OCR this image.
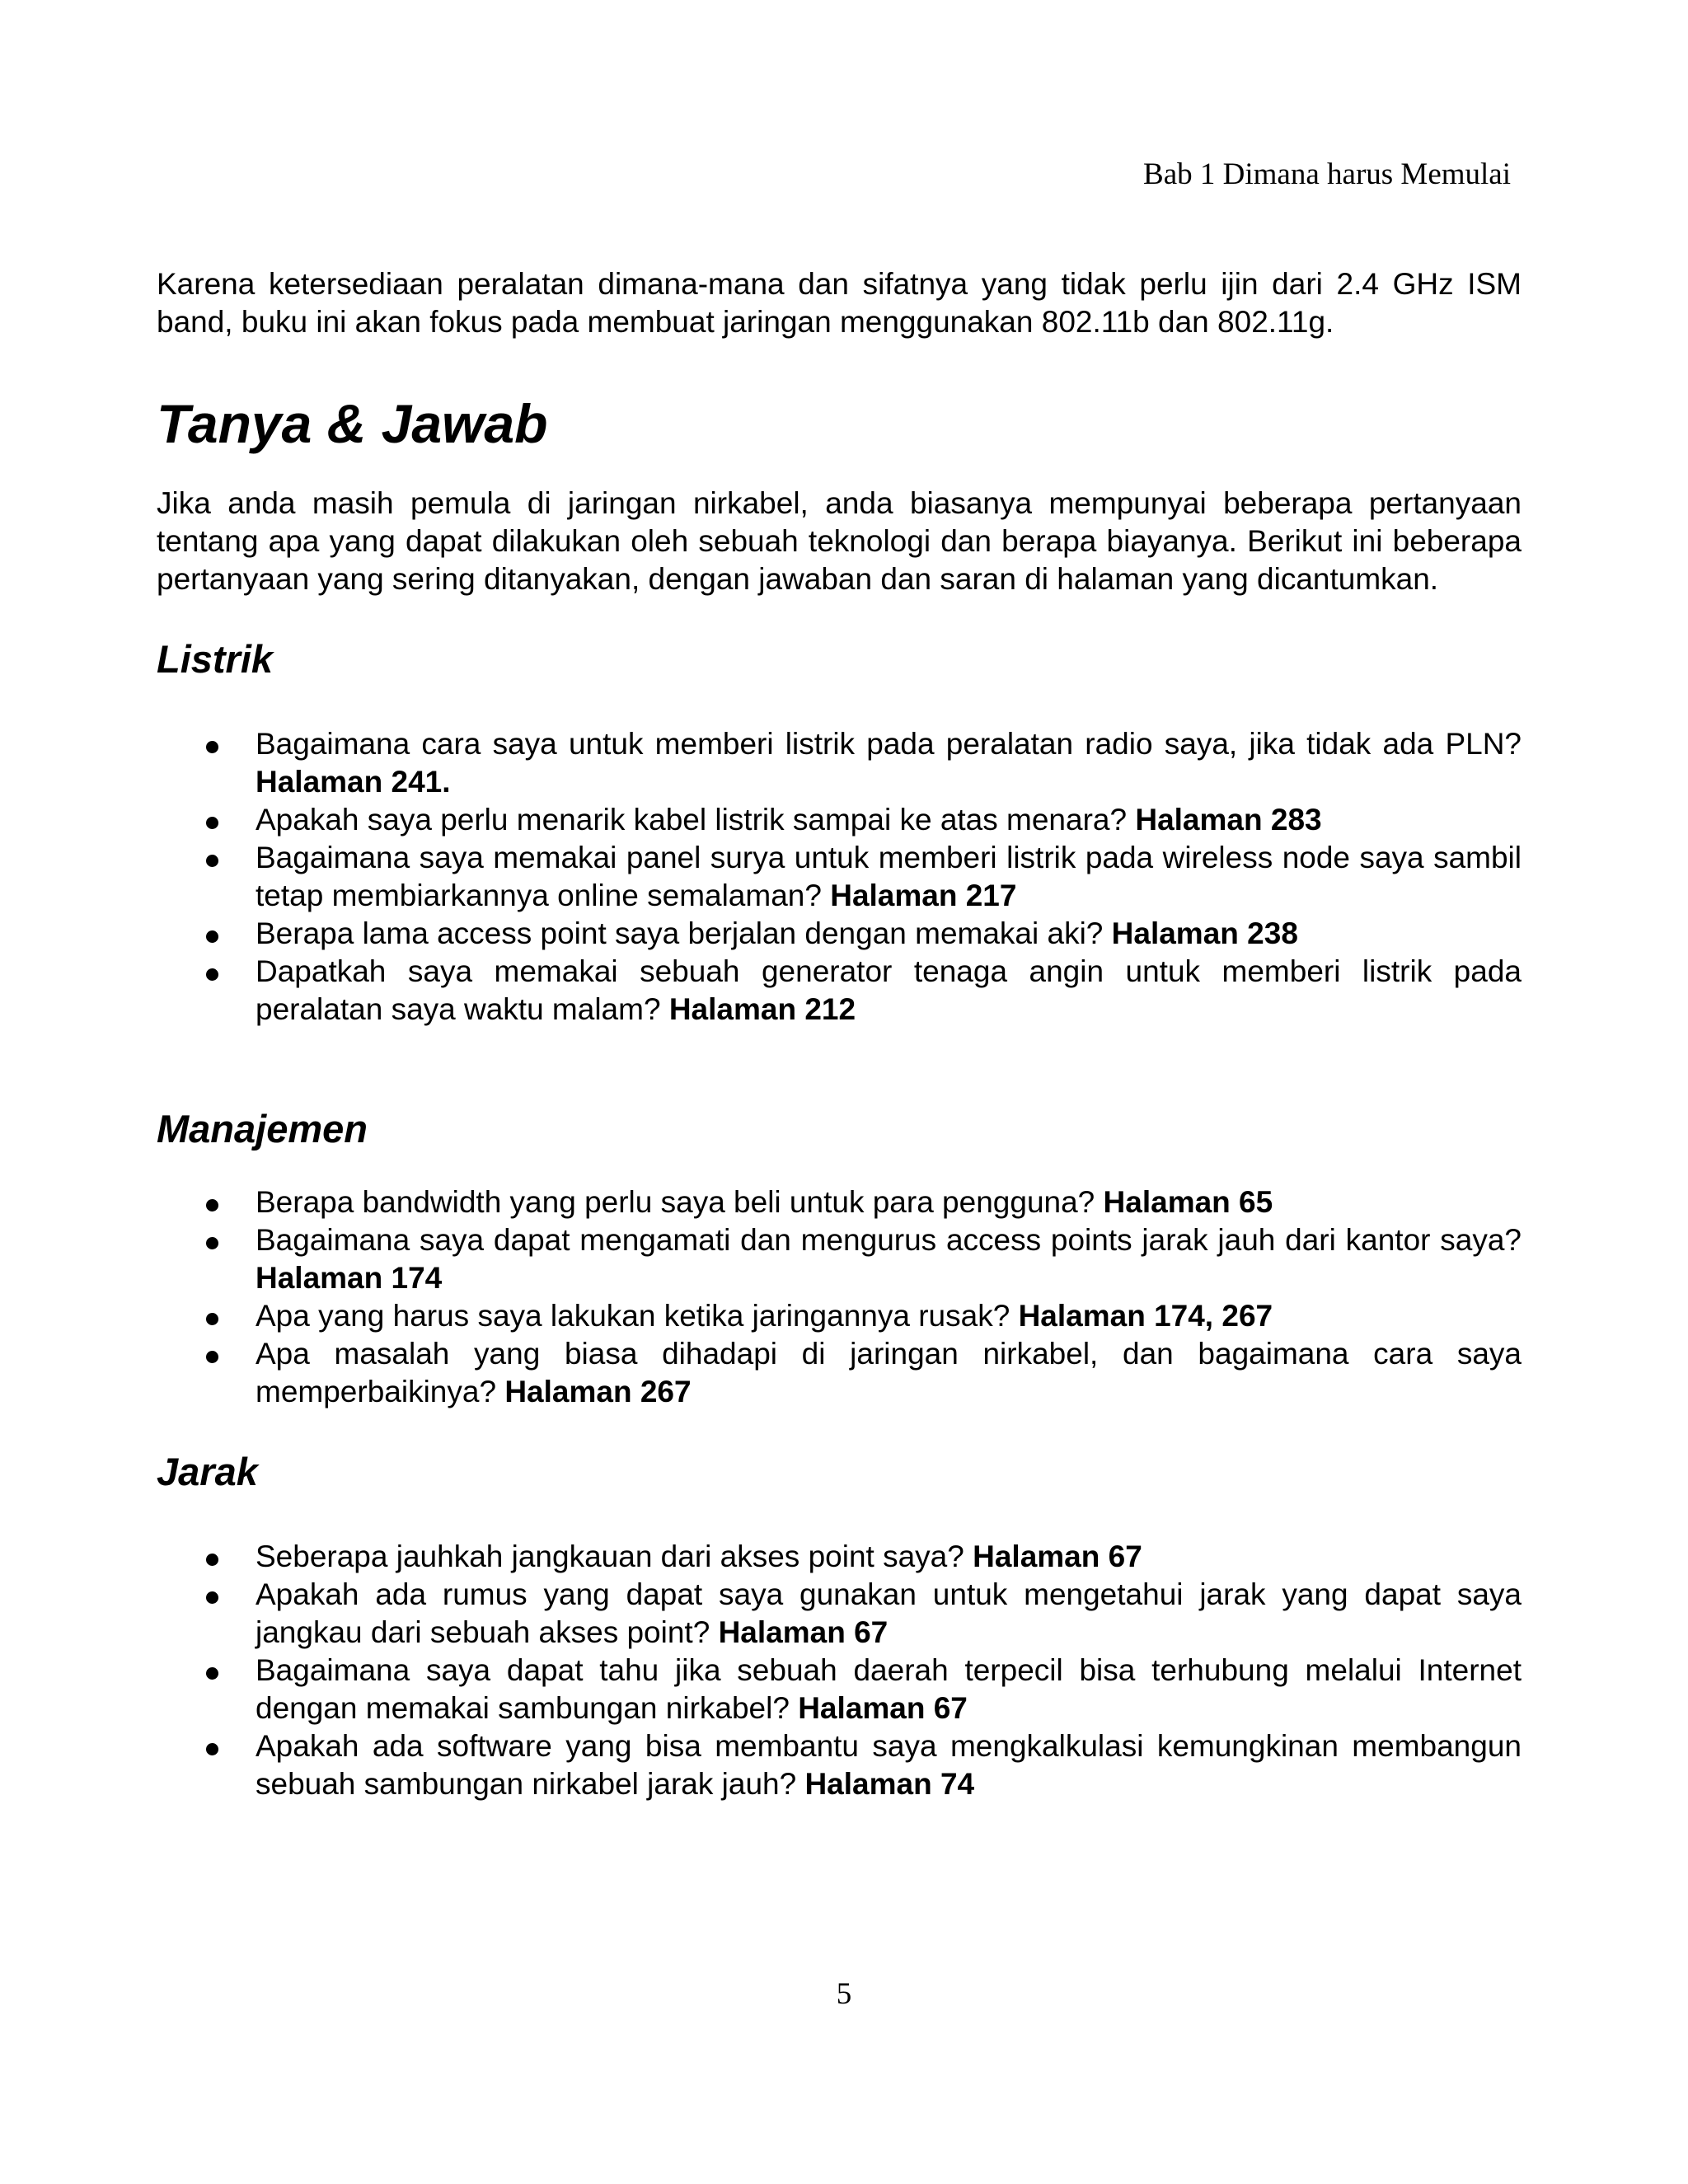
Bab 1 Dimana harus Memulai

Karena ketersediaan peralatan dimana-mana dan sifatnya yang tidak perlu ijin dari 2.4 GHz ISM band, buku ini akan fokus pada membuat jaringan menggunakan 802.11b dan 802.11g.

Tanya & Jawab

Jika anda masih pemula di jaringan nirkabel, anda biasanya mempunyai beberapa pertanyaan tentang apa yang dapat dilakukan oleh sebuah teknologi dan berapa biayanya. Berikut ini beberapa pertanyaan yang sering ditanyakan, dengan jawaban dan saran di halaman yang dicantumkan.

Listrik
Bagaimana cara saya untuk memberi listrik pada peralatan radio saya, jika tidak ada PLN? Halaman 241.
Apakah saya perlu menarik kabel listrik sampai ke atas menara? Halaman 283
Bagaimana saya memakai panel surya untuk memberi listrik pada wireless node saya sambil tetap membiarkannya online semalaman? Halaman 217
Berapa lama access point saya berjalan dengan memakai aki? Halaman 238
Dapatkah saya memakai sebuah generator tenaga angin untuk memberi listrik pada peralatan saya waktu malam? Halaman 212
Manajemen
Berapa bandwidth yang perlu saya beli untuk para pengguna? Halaman 65
Bagaimana saya dapat mengamati dan mengurus access points jarak jauh dari kantor saya? Halaman 174
Apa yang harus saya lakukan ketika jaringannya rusak? Halaman 174, 267
Apa masalah yang biasa dihadapi di jaringan nirkabel, dan bagaimana cara saya memperbaikinya? Halaman 267
Jarak
Seberapa jauhkah jangkauan dari akses point saya? Halaman 67
Apakah ada rumus yang dapat saya gunakan untuk mengetahui jarak yang dapat saya jangkau dari sebuah akses point? Halaman 67
Bagaimana saya dapat tahu jika sebuah daerah terpecil bisa terhubung melalui Internet dengan memakai sambungan nirkabel? Halaman 67
Apakah ada software yang bisa membantu saya mengkalkulasi kemungkinan membangun sebuah sambungan nirkabel jarak jauh? Halaman 74
5
